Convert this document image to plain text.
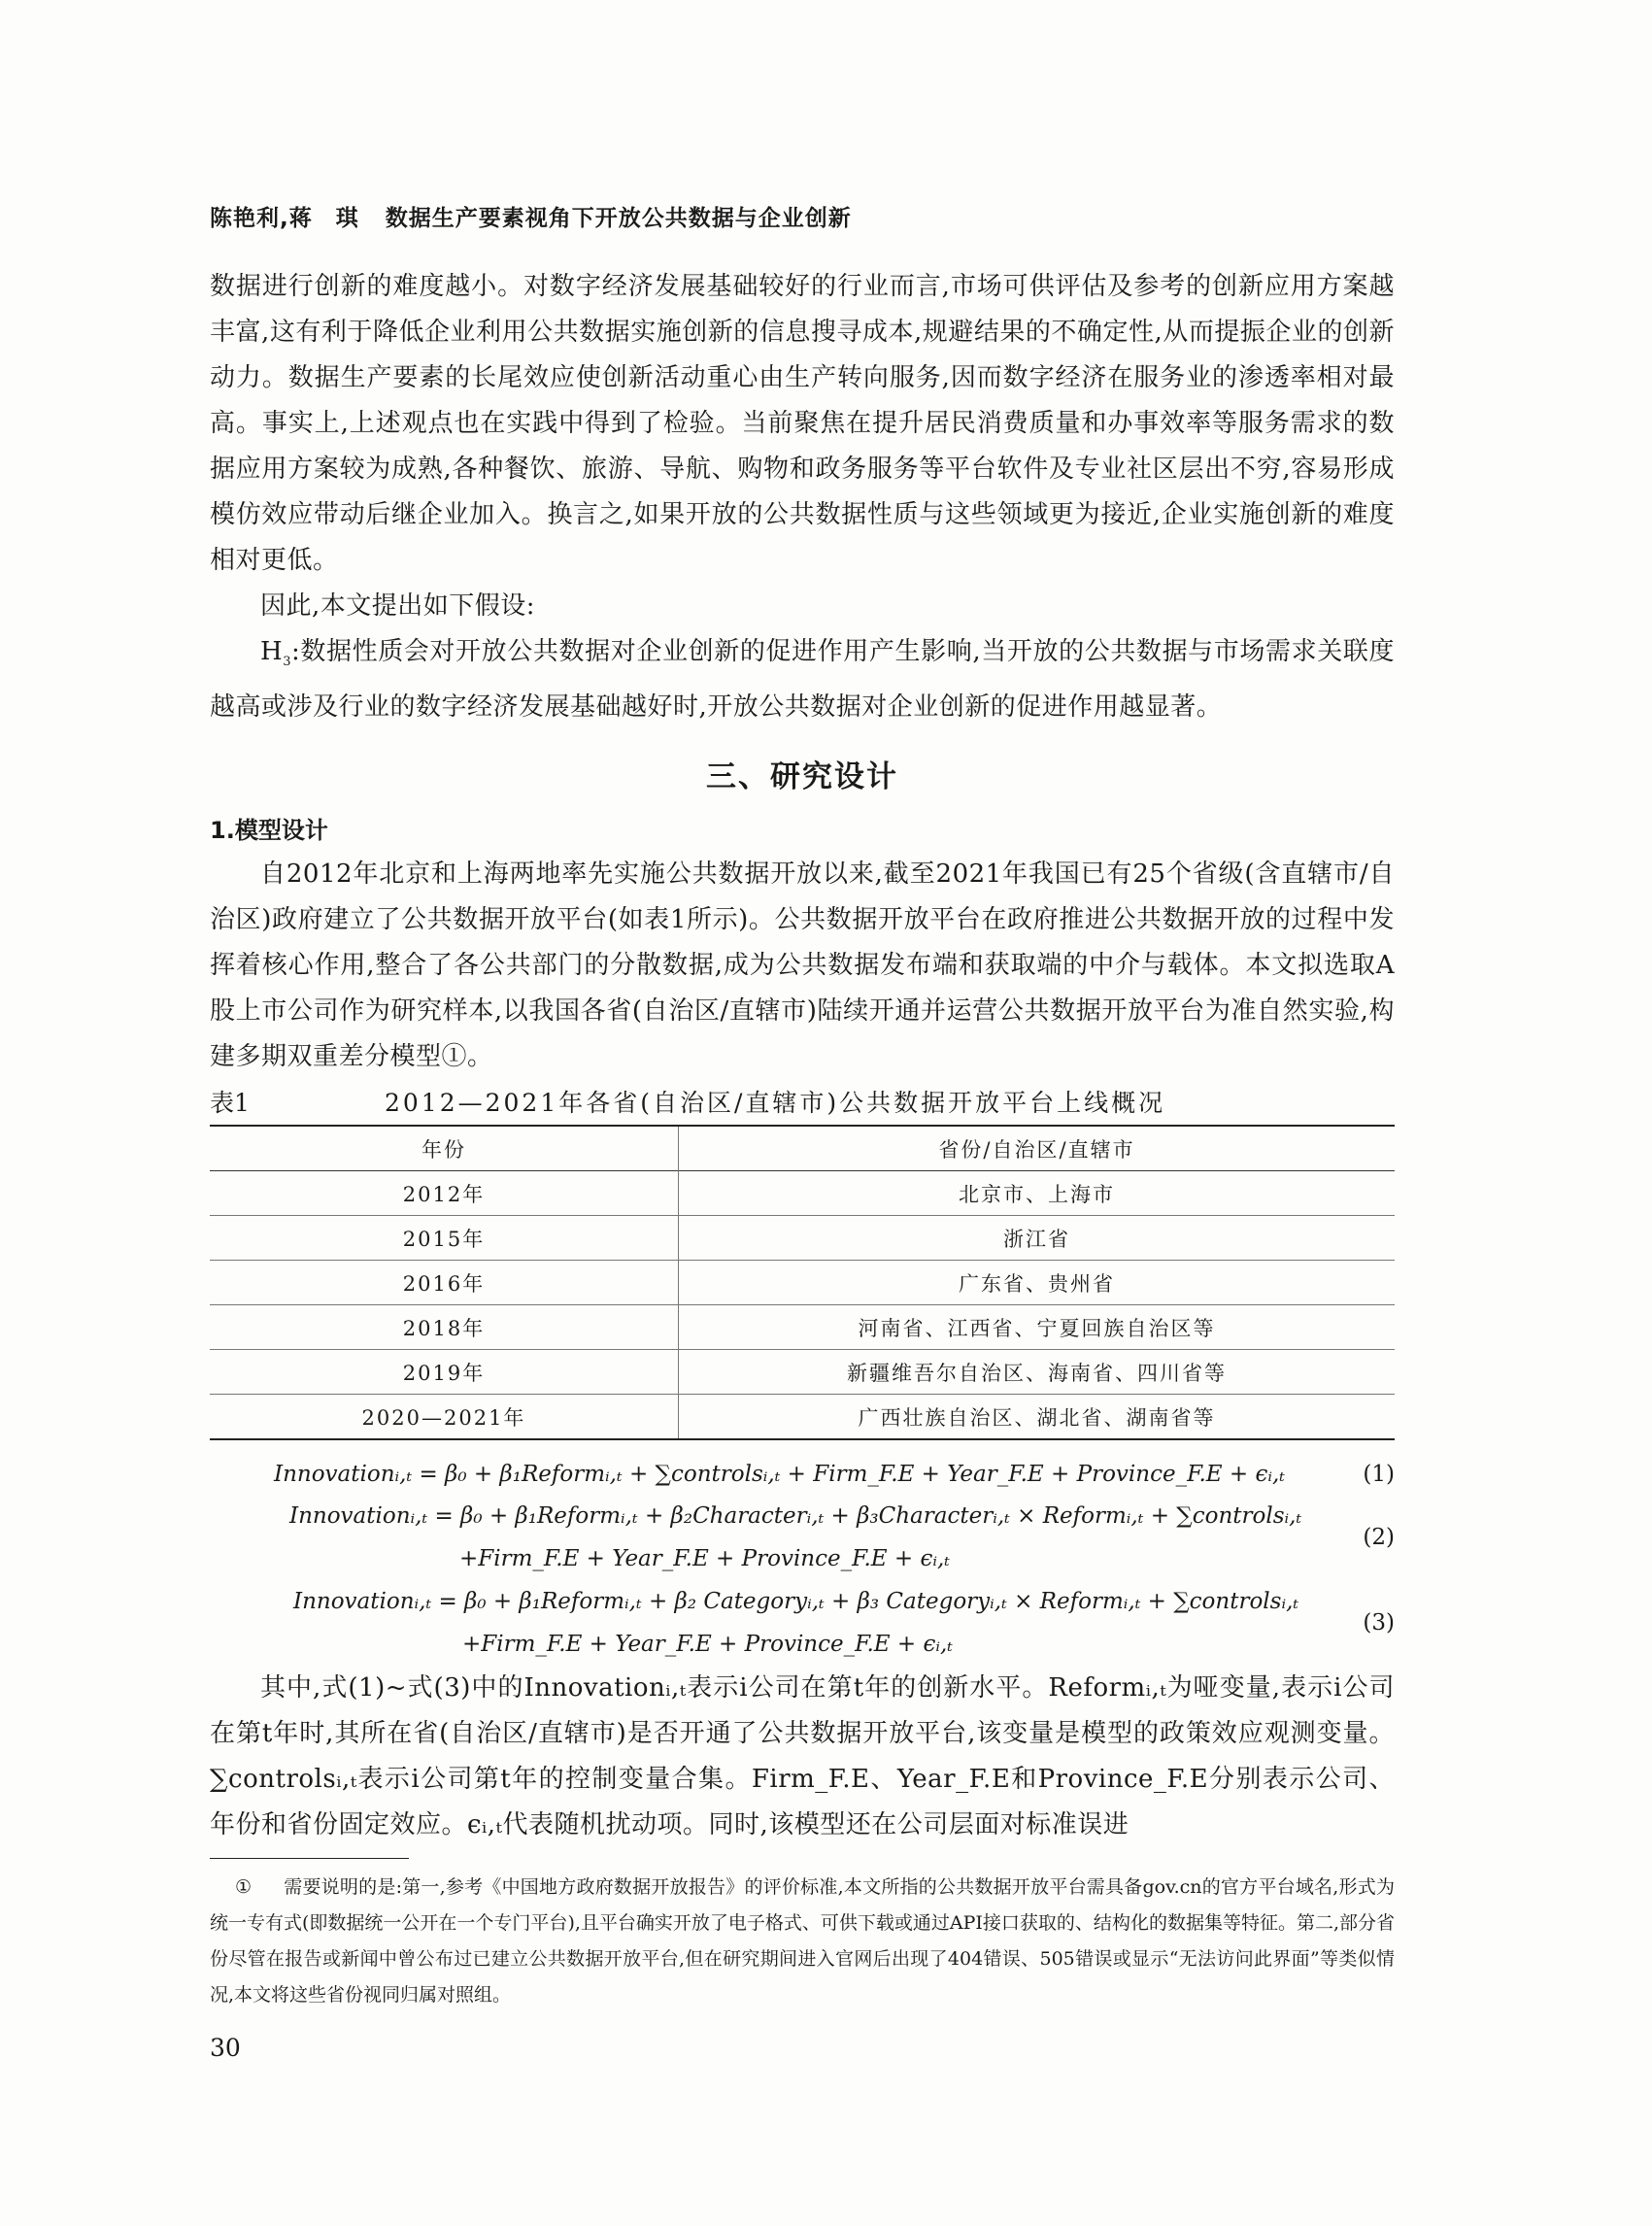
陈艳利,蒋　琪 数据生产要素视角下开放公共数据与企业创新

数据进行创新的难度越小。对数字经济发展基础较好的行业而言,市场可供评估及参考的创新应用方案越丰富,这有利于降低企业利用公共数据实施创新的信息搜寻成本,规避结果的不确定性,从而提振企业的创新动力。数据生产要素的长尾效应使创新活动重心由生产转向服务,因而数字经济在服务业的渗透率相对最高。事实上,上述观点也在实践中得到了检验。当前聚焦在提升居民消费质量和办事效率等服务需求的数据应用方案较为成熟,各种餐饮、旅游、导航、购物和政务服务等平台软件及专业社区层出不穷,容易形成模仿效应带动后继企业加入。换言之,如果开放的公共数据性质与这些领域更为接近,企业实施创新的难度相对更低。

因此,本文提出如下假设:

$H_3$:数据性质会对开放公共数据对企业创新的促进作用产生影响,当开放的公共数据与市场需求关联度越高或涉及行业的数字经济发展基础越好时,开放公共数据对企业创新的促进作用越显著。

三、研究设计
1.模型设计

自2012年北京和上海两地率先实施公共数据开放以来,截至2021年我国已有25个省级(含直辖市/自治区)政府建立了公共数据开放平台(如表1所示)。公共数据开放平台在政府推进公共数据开放的过程中发挥着核心作用,整合了各公共部门的分散数据,成为公共数据发布端和获取端的中介与载体。本文拟选取A股上市公司作为研究样本,以我国各省(自治区/直辖市)陆续开通并运营公共数据开放平台为准自然实验,构建多期双重差分模型①。

表1	2012—2021年各省(自治区/直辖市)公共数据开放平台上线概况
年份	省份/自治区/直辖市
2012年	北京市、上海市
2015年	浙江省
2016年	广东省、贵州省
2018年	河南省、江西省、宁夏回族自治区等
2019年	新疆维吾尔自治区、海南省、四川省等
2020—2021年	广西壮族自治区、湖北省、湖南省等
Innovationᵢ,ₜ = β₀ + β₁Reformᵢ,ₜ + ∑controlsᵢ,ₜ + Firm_F.E + Year_F.E + Province_F.E + ϵᵢ,ₜ	(1)
Innovationᵢ,ₜ = β₀ + β₁Reformᵢ,ₜ + β₂Characterᵢ,ₜ + β₃Characterᵢ,ₜ × Reformᵢ,ₜ + ∑controlsᵢ,ₜ
+Firm_F.E + Year_F.E + Province_F.E + ϵᵢ,ₜ
(2)
Innovationᵢ,ₜ = β₀ + β₁Reformᵢ,ₜ + β₂ Categoryᵢ,ₜ + β₃ Categoryᵢ,ₜ × Reformᵢ,ₜ + ∑controlsᵢ,ₜ
+Firm_F.E + Year_F.E + Province_F.E + ϵᵢ,ₜ
(3)

其中,式(1)~式(3)中的Innovationᵢ,ₜ表示i公司在第t年的创新水平。Reformᵢ,ₜ为哑变量,表示i公司在第t年时,其所在省(自治区/直辖市)是否开通了公共数据开放平台,该变量是模型的政策效应观测变量。∑controlsᵢ,ₜ表示i公司第t年的控制变量合集。Firm_F.E、Year_F.E和Province_F.E分别表示公司、年份和省份固定效应。ϵᵢ,ₜ代表随机扰动项。同时,该模型还在公司层面对标准误进

① 需要说明的是:第一,参考《中国地方政府数据开放报告》的评价标准,本文所指的公共数据开放平台需具备gov.cn的官方平台域名,形式为统一专有式(即数据统一公开在一个专门平台),且平台确实开放了电子格式、可供下载或通过API接口获取的、结构化的数据集等特征。第二,部分省份尽管在报告或新闻中曾公布过已建立公共数据开放平台,但在研究期间进入官网后出现了404错误、505错误或显示“无法访问此界面”等类似情况,本文将这些省份视同归属对照组。
30
